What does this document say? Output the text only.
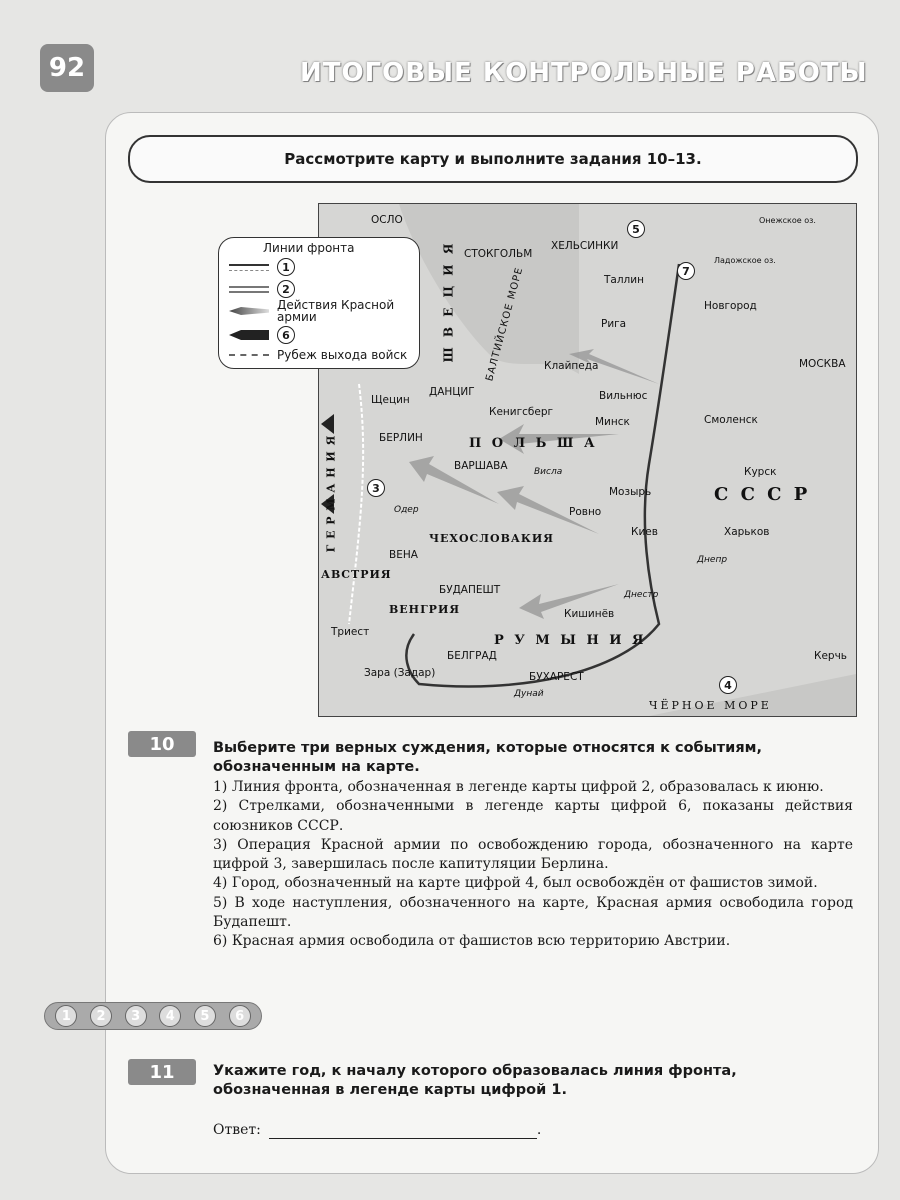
92	ИТОГОВЫЕ КОНТРОЛЬНЫЕ РАБОТЫ
Рассмотрите карту и выполните задания 10–13.
ОСЛО
СТОКГОЛЬМ
ХЕЛЬСИНКИ
Онежское оз.
Ладожское оз.
Таллин
Новгород
Рига
МОСКВА
Клайпеда
БАЛТИЙСКОЕ МОРЕ
ДАНЦИГ
Щецин
Кенигсберг
Вильнюс
Минск	Смоленск
БЕРЛИН
ВАРШАВА	Курск
Мозырь	С С С Р
Ровно
Киев	Харьков
П О Л Ь Ш А
ЧЕХОСЛОВАКИЯ
ВЕНА
АВСТРИЯ
БУДАПЕШТ
ВЕНГРИЯ
Триест
Кишинёв
Днепр
Днестр
Р У М Ы Н И Я
Зара (Задар)
БЕЛГРАД
БУХАРЕСТ
Керчь
ЧЁРНОЕ МОРЕ
Дунай
Висла
Одер
Ш В Е Ц И Я
Г Е Р М А Н И Я	3
4
5
7
Линии фронта
1
2
Действия Красной армии
6
Рубеж выхода войск
10	Выберите три верных суждения, которые относятся к событиям, обозначенным на карте.
1) Линия фронта, обозначенная в легенде карты цифрой 2, образовалась к июню.
2) Стрелками, обозначенными в легенде карты цифрой 6, показаны действия союзников СССР.
3) Операция Красной армии по освобождению города, обозначенного на карте цифрой 3, завершилась после капитуляции Берлина.
4) Город, обозначенный на карте цифрой 4, был освобождён от фашистов зимой.
5) В ходе наступления, обозначенного на карте, Красная армия освободила город Будапешт.
6) Красная армия освободила от фашистов всю территорию Австрии.
1	2	3	4	5	6
11	Укажите год, к началу которого образовалась линия фронта, обозначенная в легенде карты цифрой 1.
Ответ:	.
